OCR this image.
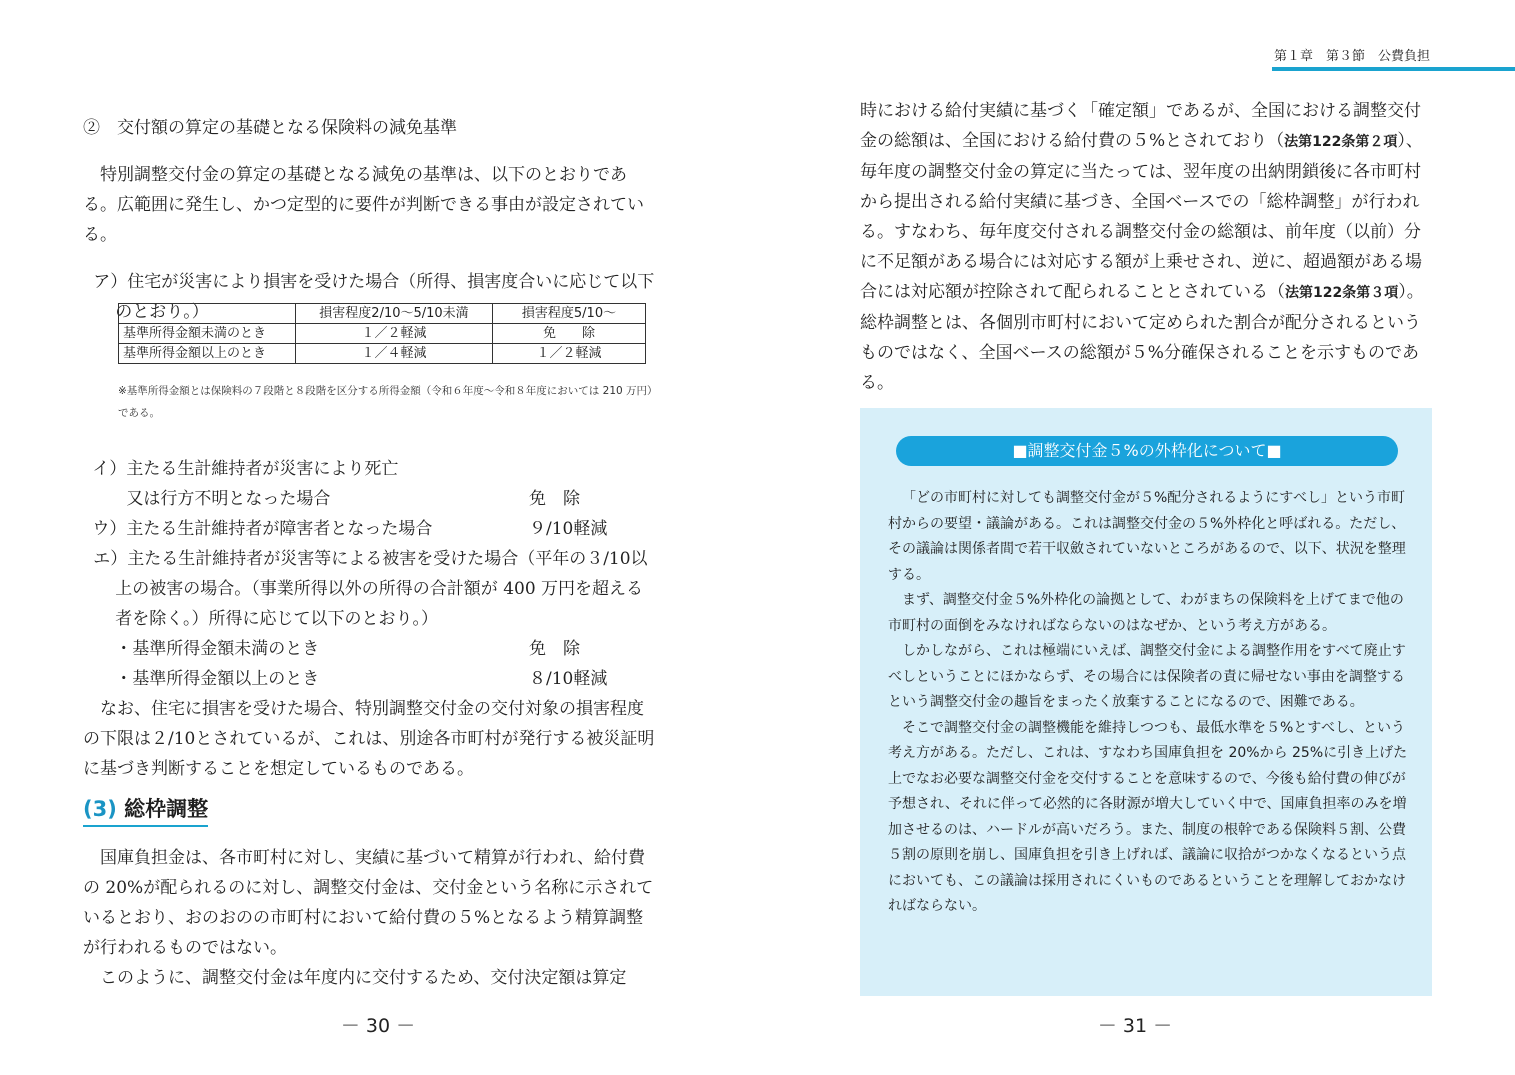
②　交付額の算定の基礎となる保険料の減免基準

特別調整交付金の算定の基礎となる減免の基準は、以下のとおりである。広範囲に発生し、かつ定型的に要件が判断できる事由が設定されている。

ア）住宅が災害により損害を受けた場合（所得、損害度合いに応じて以下のとおり。）

		損害程度2/10～5/10未満	損害程度5/10～
基準所得金額未満のとき	１／２軽減	免　　除
基準所得金額以上のとき	１／４軽減	１／２軽減
※基準所得金額とは保険料の７段階と８段階を区分する所得金額（令和６年度～令和８年度においては 210 万円）である。
イ）主たる生計維持者が災害により死亡
　　又は行方不明となった場合	免　除
ウ）主たる生計維持者が障害者となった場合	９/10軽減

エ）主たる生計維持者が災害等による被害を受けた場合（平年の３/10以上の被害の場合。（事業所得以外の所得の合計額が 400 万円を超える者を除く。）所得に応じて以下のとおり。）

・基準所得金額未満のとき	免　除
・基準所得金額以上のとき	８/10軽減

なお、住宅に損害を受けた場合、特別調整交付金の交付対象の損害程度の下限は２/10とされているが、これは、別途各市町村が発行する被災証明に基づき判断することを想定しているものである。

(3) 総枠調整

国庫負担金は、各市町村に対し、実績に基づいて精算が行われ、給付費の 20%が配られるのに対し、調整交付金は、交付金という名称に示されているとおり、おのおのの市町村において給付費の５%となるよう精算調整が行われるものではない。

このように、調整交付金は年度内に交付するため、交付決定額は算定

－ 30 －
第１章　第３節　公費負担

時における給付実績に基づく「確定額」であるが、全国における調整交付金の総額は、全国における給付費の５%とされており（法第122条第２項）、毎年度の調整交付金の算定に当たっては、翌年度の出納閉鎖後に各市町村から提出される給付実績に基づき、全国ベースでの「総枠調整」が行われる。すなわち、毎年度交付される調整交付金の総額は、前年度（以前）分に不足額がある場合には対応する額が上乗せされ、逆に、超過額がある場合には対応額が控除されて配られることとされている（法第122条第３項）。総枠調整とは、各個別市町村において定められた割合が配分されるというものではなく、全国ベースの総額が５%分確保されることを示すものである。

■調整交付金５%の外枠化について■

「どの市町村に対しても調整交付金が５%配分されるようにすべし」という市町村からの要望・議論がある。これは調整交付金の５%外枠化と呼ばれる。ただし、その議論は関係者間で若干収斂されていないところがあるので、以下、状況を整理する。

まず、調整交付金５%外枠化の論拠として、わがまちの保険料を上げてまで他の市町村の面倒をみなければならないのはなぜか、という考え方がある。

しかしながら、これは極端にいえば、調整交付金による調整作用をすべて廃止すべしということにほかならず、その場合には保険者の責に帰せない事由を調整するという調整交付金の趣旨をまったく放棄することになるので、困難である。

そこで調整交付金の調整機能を維持しつつも、最低水準を５%とすべし、という考え方がある。ただし、これは、すなわち国庫負担を 20%から 25%に引き上げた上でなお必要な調整交付金を交付することを意味するので、今後も給付費の伸びが予想され、それに伴って必然的に各財源が増大していく中で、国庫負担率のみを増加させるのは、ハードルが高いだろう。また、制度の根幹である保険料５割、公費５割の原則を崩し、国庫負担を引き上げれば、議論に収拾がつかなくなるという点においても、この議論は採用されにくいものであるということを理解しておかなければならない。

－ 31 －
